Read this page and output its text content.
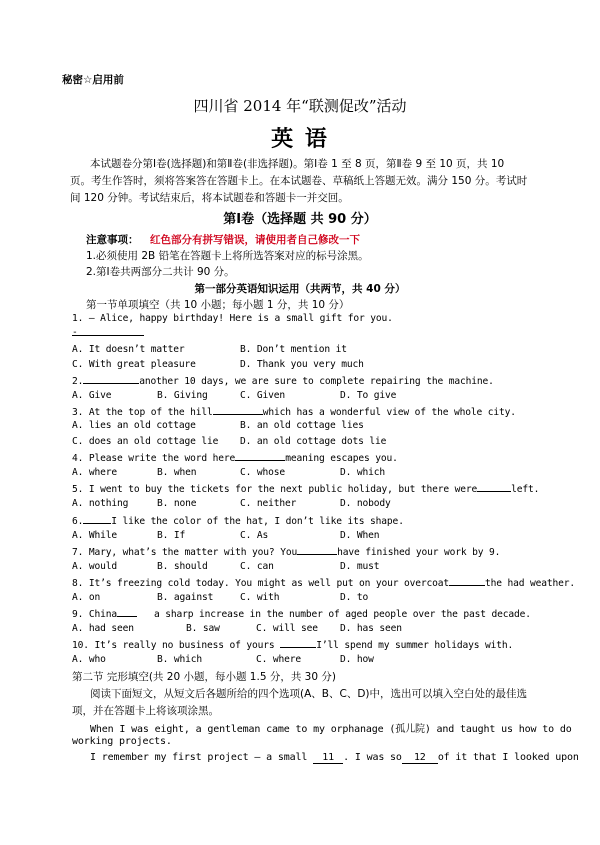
秘密☆启用前
四川省 2014 年“联测促改”活动
英 语
本试题卷分第Ⅰ卷(选择题)和第Ⅱ卷(非选择题)。第Ⅰ卷 1 至 8 页，第Ⅱ卷 9 至 10 页，共 10
页。考生作答时，须将答案答在答题卡上。在本试题卷、草稿纸上答题无效。满分 150 分。考试时
间 120 分钟。考试结束后，将本试题卷和答题卡一并交回。
第Ⅰ卷（选择题 共 90 分）
注意事项： 红色部分有拼写错误，请使用者自己修改一下
1.必须使用 2B 铅笔在答题卡上将所选答案对应的标号涂黑。
2.第Ⅰ卷共两部分二共计 90 分。
第一部分英语知识运用（共两节，共 40 分）
第一节单项填空（共 10 小题；每小题 1 分，共 10 分）
1. — Alice, happy birthday! Here is a small gift for you.
-
A. It doesn’t matter	B. Don’t mention it
C. With great pleasure	D. Thank you very much
2.	another 10 days, we are sure to complete repairing the machine.
A. Give	B. Giving	C. Given	D. To give
3. At the top of the hill	which has a wonderful view of the whole city.
A. lies an old cottage	B. an old cottage lies
C. does an old cottage lie D. an old cottage dots lie
4. Please write the word here	meaning escapes you.
A. where	B. when	C. whose	D. which
5. I went to buy the tickets for the next public holiday, but there were	left.
A. nothing	B. none	C. neither	D. nobody
6.	I like the color of the hat, I don’t like its shape.
A. While	B. If	C. As	D. When
7. Mary, what’s the matter with you? You	have finished your work by 9.
A. would	B. should	C. can	D. must
8. It’s freezing cold today. You might as well put on your overcoat	the had weather.
A. on	B. against	C. with	D. to
9. China	a sharp increase in the number of aged people over the past decade.
A. had seen	B. saw	C. will see D. has seen
10. It’s really no business of yours	I’ll spend my summer holidays with.
A. who	B. which	C. where	D. how
第二节 完形填空(共 20 小题，每小题 1.5 分，共 30 分)
阅读下面短文，从短文后各题所给的四个选项(A、B、C、D)中，选出可以填入空白处的最佳选
项，并在答题卡上将该项涂黑。
When I was eight, a gentleman came to my orphanage (孤儿院) and taught us how to do
working projects.
I remember my first project — a small 11 . I was so 12 of it that I looked upon
